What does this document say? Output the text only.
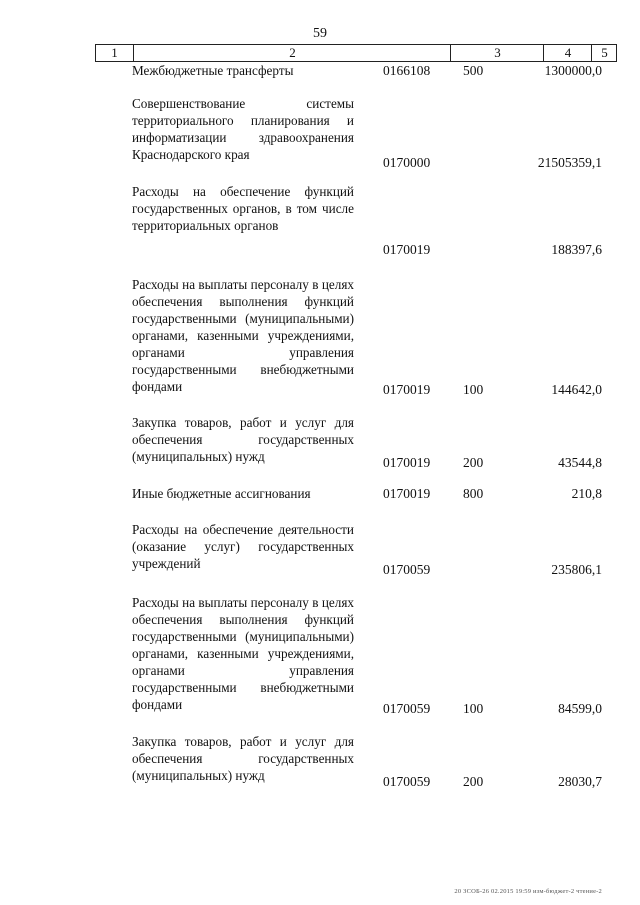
59
1	2	3	4	5
Межбюджетные трансферты	0166108 500	1300000,0
Совершенствование системы территориального планирования и информатизации здравоохранения Краснодарского края
0170000	21505359,1
Расходы на обеспечение функций государственных органов, в том числе территориальных органов
0170019	188397,6
Расходы на выплаты персоналу в целях обеспечения выполнения функций государственными (муниципальными) органами, казенными учреждениями, органами управления государственными внебюджетными фондами	0170019 100	144642,0
Закупка товаров, работ и услуг для обеспечения государственных (муниципальных) нужд	0170019 200	43544,8
Иные бюджетные ассигнования	0170019 800	210,8
Расходы на обеспечение деятельности (оказание услуг) государственных учреждений	0170059	235806,1
Расходы на выплаты персоналу в целях обеспечения выполнения функций государственными (муниципальными) органами, казенными учреждениями, органами управления государственными внебюджетными фондами	0170059 100	84599,0
Закупка товаров, работ и услуг для обеспечения государственных (муниципальных) нужд	0170059 200	28030,7
20 ЗСОБ-26 02.2015 19:59 изм-бюджет-2 чтение-2
